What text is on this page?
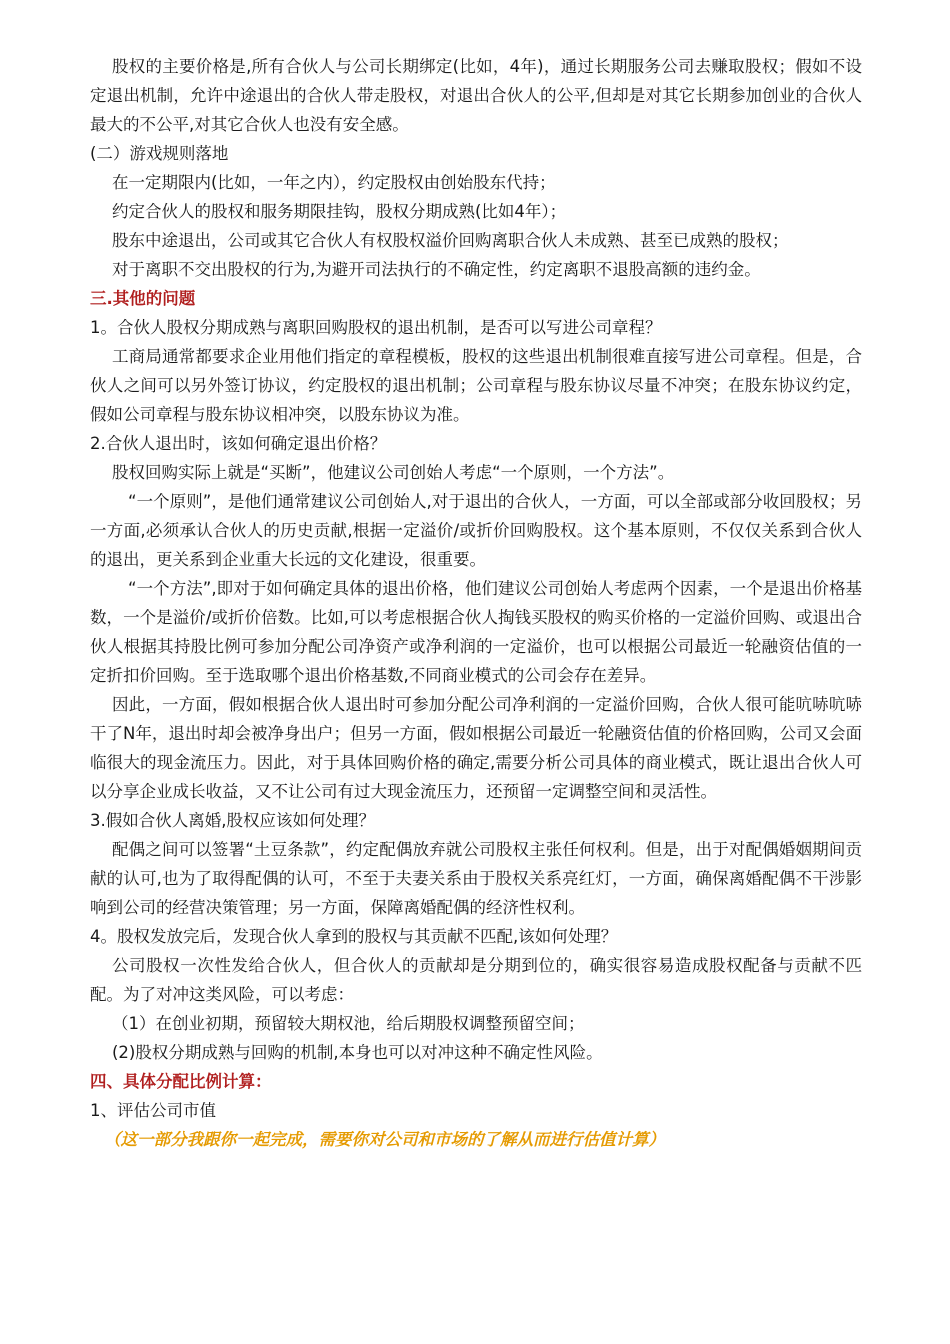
股权的主要价格是,所有合伙人与公司长期绑定(比如，4年)，通过长期服务公司去赚取股权；假如不设定退出机制，允许中途退出的合伙人带走股权，对退出合伙人的公平,但却是对其它长期参加创业的合伙人最大的不公平,对其它合伙人也没有安全感。

(二）游戏规则落地

在一定期限内(比如，一年之内），约定股权由创始股东代持；

约定合伙人的股权和服务期限挂钩，股权分期成熟(比如4年）；

股东中途退出，公司或其它合伙人有权股权溢价回购离职合伙人未成熟、甚至已成熟的股权；

对于离职不交出股权的行为,为避开司法执行的不确定性，约定离职不退股高额的违约金。

三.其他的问题

1。合伙人股权分期成熟与离职回购股权的退出机制，是否可以写进公司章程？

工商局通常都要求企业用他们指定的章程模板，股权的这些退出机制很难直接写进公司章程。但是，合伙人之间可以另外签订协议，约定股权的退出机制；公司章程与股东协议尽量不冲突；在股东协议约定，假如公司章程与股东协议相冲突，以股东协议为准。

2.合伙人退出时，该如何确定退出价格？

股权回购实际上就是“买断”，他建议公司创始人考虑“一个原则，一个方法”。

“一个原则”，是他们通常建议公司创始人,对于退出的合伙人，一方面，可以全部或部分收回股权；另一方面,必须承认合伙人的历史贡献,根据一定溢价/或折价回购股权。这个基本原则，不仅仅关系到合伙人的退出，更关系到企业重大长远的文化建设，很重要。

“一个方法”,即对于如何确定具体的退出价格，他们建议公司创始人考虑两个因素，一个是退出价格基数，一个是溢价/或折价倍数。比如,可以考虑根据合伙人掏钱买股权的购买价格的一定溢价回购、或退出合伙人根据其持股比例可参加分配公司净资产或净利润的一定溢价，也可以根据公司最近一轮融资估值的一定折扣价回购。至于选取哪个退出价格基数,不同商业模式的公司会存在差异。

因此，一方面，假如根据合伙人退出时可参加分配公司净利润的一定溢价回购，合伙人很可能吭哧吭哧干了N年，退出时却会被净身出户；但另一方面，假如根据公司最近一轮融资估值的价格回购，公司又会面临很大的现金流压力。因此，对于具体回购价格的确定,需要分析公司具体的商业模式，既让退出合伙人可以分享企业成长收益，又不让公司有过大现金流压力，还预留一定调整空间和灵活性。

3.假如合伙人离婚,股权应该如何处理？

配偶之间可以签署“土豆条款”，约定配偶放弃就公司股权主张任何权利。但是，出于对配偶婚姻期间贡献的认可,也为了取得配偶的认可，不至于夫妻关系由于股权关系亮红灯，一方面，确保离婚配偶不干涉影响到公司的经营决策管理；另一方面，保障离婚配偶的经济性权利。

4。股权发放完后，发现合伙人拿到的股权与其贡献不匹配,该如何处理？

公司股权一次性发给合伙人，但合伙人的贡献却是分期到位的，确实很容易造成股权配备与贡献不匹配。为了对冲这类风险，可以考虑：

（1）在创业初期，预留较大期权池，给后期股权调整预留空间；

(2)股权分期成熟与回购的机制,本身也可以对冲这种不确定性风险。

四、具体分配比例计算：

1、评估公司市值

（这一部分我跟你一起完成，需要你对公司和市场的了解从而进行估值计算）
